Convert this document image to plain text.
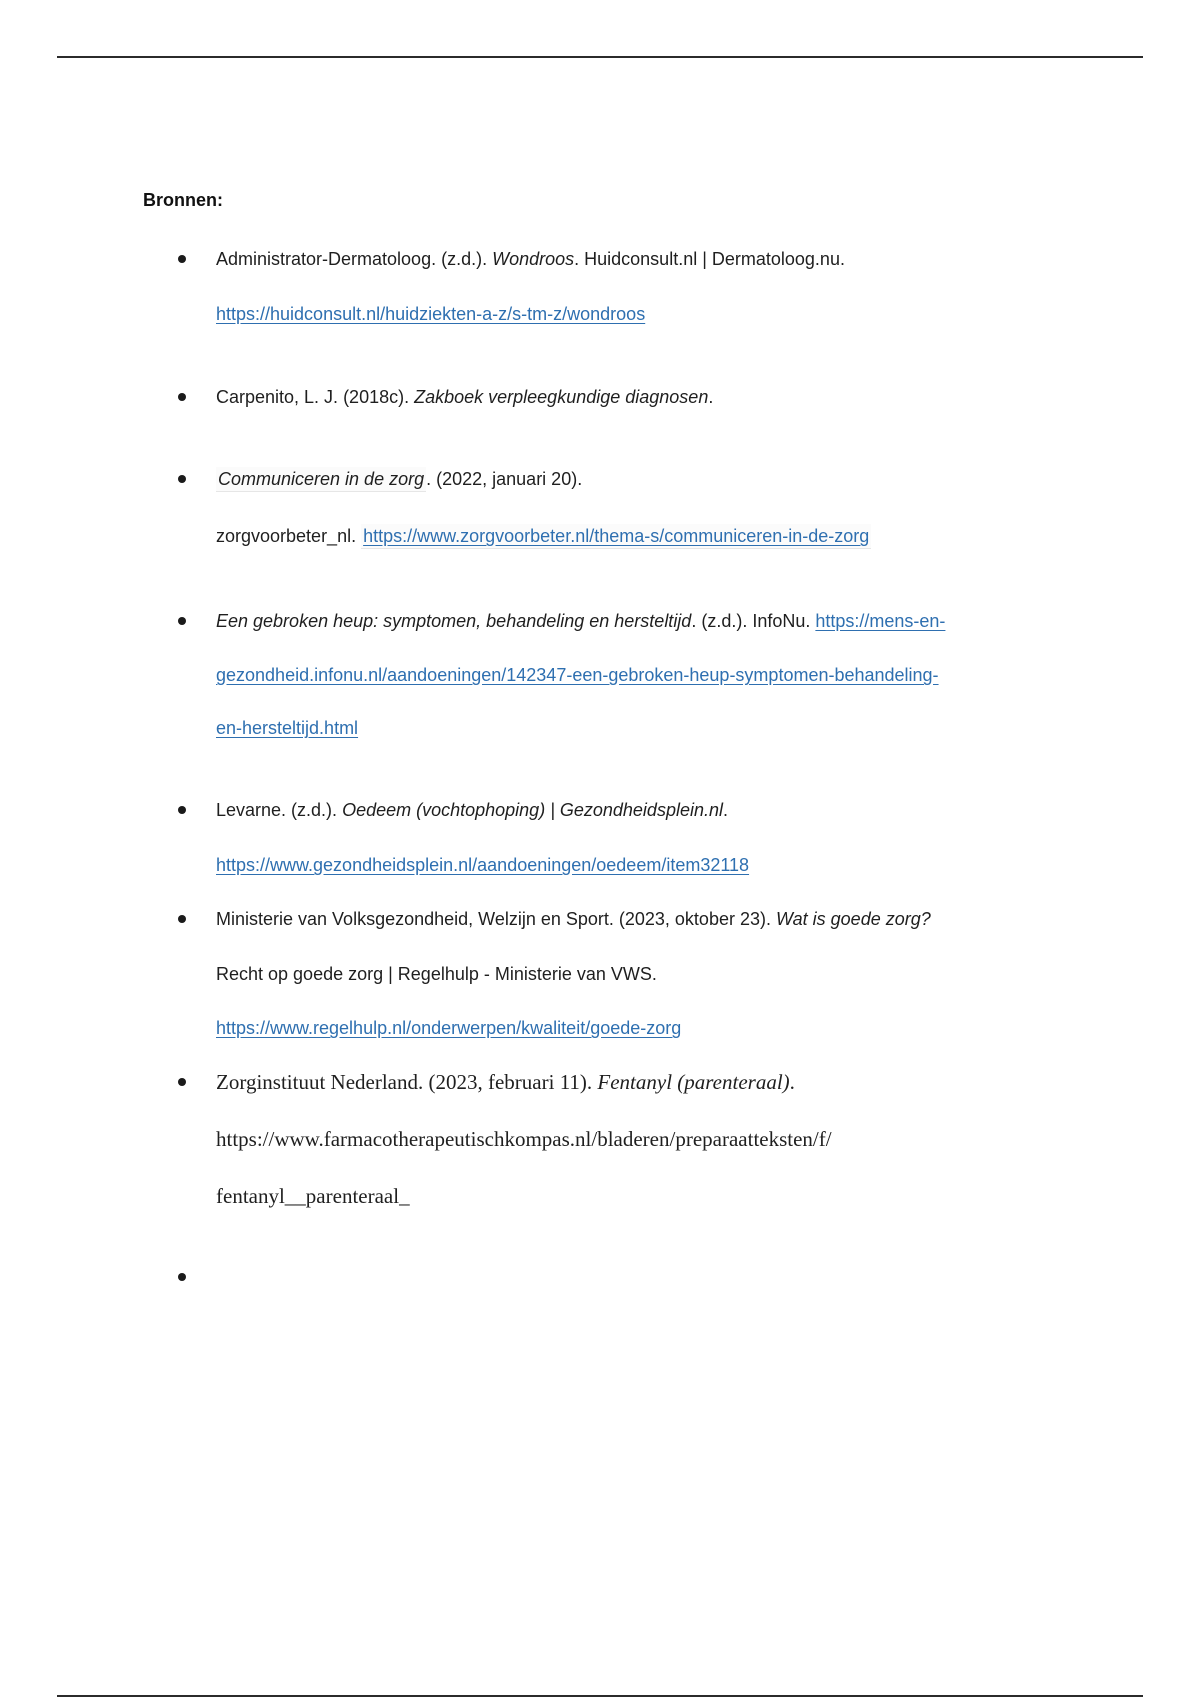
Bronnen:
Administrator-Dermatoloog. (z.d.). Wondroos. Huidconsult.nl | Dermatoloog.nu.
https://huidconsult.nl/huidziekten-a-z/s-tm-z/wondroos
Carpenito, L. J. (2018c). Zakboek verpleegkundige diagnosen.
Communiceren in de zorg . (2022, januari 20).
zorgvoorbeter_nl. https://www.zorgvoorbeter.nl/thema-s/communiceren-in-de-zorg
Een gebroken heup: symptomen, behandeling en hersteltijd. (z.d.). InfoNu. https://mens-en-
gezondheid.infonu.nl/aandoeningen/142347-een-gebroken-heup-symptomen-behandeling-
en-hersteltijd.html
Levarne. (z.d.). Oedeem (vochtophoping) | Gezondheidsplein.nl.
https://www.gezondheidsplein.nl/aandoeningen/oedeem/item32118
Ministerie van Volksgezondheid, Welzijn en Sport. (2023, oktober 23). Wat is goede zorg?
Recht op goede zorg | Regelhulp - Ministerie van VWS.
https://www.regelhulp.nl/onderwerpen/kwaliteit/goede-zorg
Zorginstituut Nederland. (2023, februari 11). Fentanyl (parenteraal).
https://www.farmacotherapeutischkompas.nl/bladeren/preparaatteksten/f/
fentanyl__parenteraal_
